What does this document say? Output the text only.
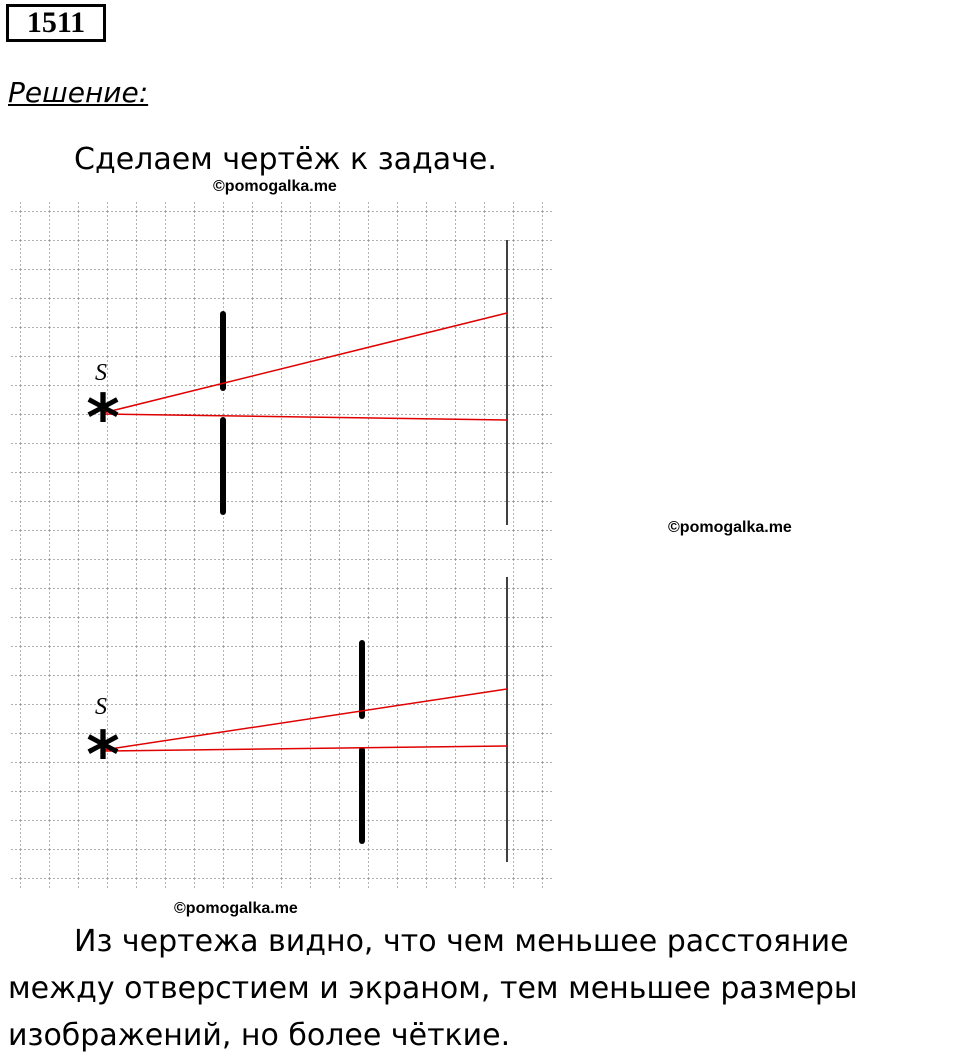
1511
Решение:
Сделаем чертёж к задаче.
©pomogalka.me
©pomogalka.me
©pomogalka.me
*
S
*
S
Из чертежа видно, что чем меньшее расстояние между отверстием и экраном, тем меньшее размеры изображений, но более чёткие.
